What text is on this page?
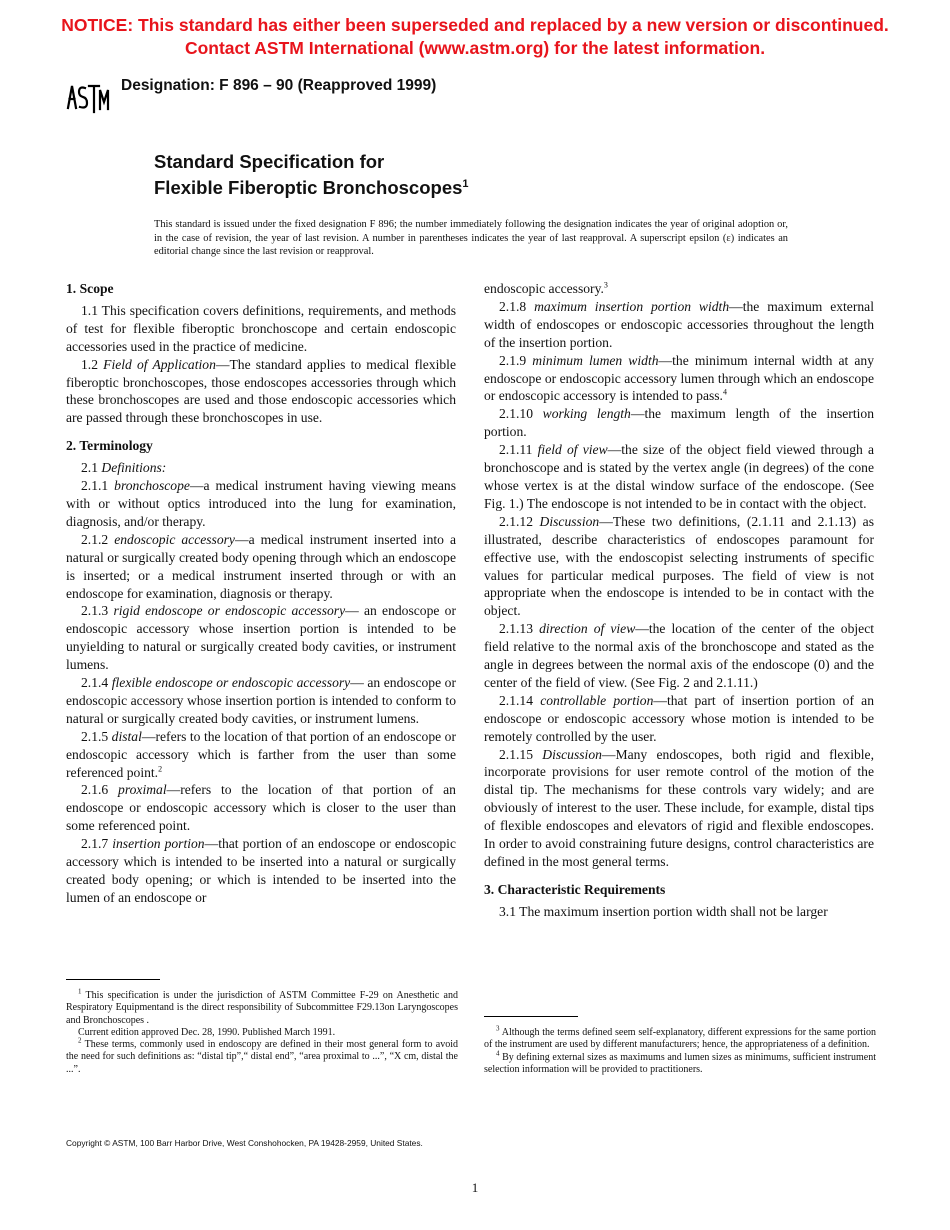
NOTICE: This standard has either been superseded and replaced by a new version or discontinued.
Contact ASTM International (www.astm.org) for the latest information.
Designation: F 896 – 90 (Reapproved 1999)
Standard Specification for
Flexible Fiberoptic Bronchoscopes$^1$
This standard is issued under the fixed designation F 896; the number immediately following the designation indicates the year of original adoption or, in the case of revision, the year of last revision. A number in parentheses indicates the year of last reapproval. A superscript epsilon (ε) indicates an editorial change since the last revision or reapproval.
1. Scope

1.1 This specification covers definitions, requirements, and methods of test for flexible fiberoptic bronchoscope and certain endoscopic accessories used in the practice of medicine.

1.2 Field of Application—The standard applies to medical flexible fiberoptic bronchoscopes, those endoscopes accessories through which these bronchoscopes are used and those endoscopic accessories which are passed through these bronchoscopes in use.

2. Terminology

2.1 Definitions:

2.1.1 bronchoscope—a medical instrument having viewing means with or without optics introduced into the lung for examination, diagnosis, and/or therapy.

2.1.2 endoscopic accessory—a medical instrument inserted into a natural or surgically created body opening through which an endoscope is inserted; or a medical instrument inserted through or with an endoscope for examination, diagnosis or therapy.

2.1.3 rigid endoscope or endoscopic accessory— an endoscope or endoscopic accessory whose insertion portion is intended to be unyielding to natural or surgically created body cavities, or instrument lumens.

2.1.4 flexible endoscope or endoscopic accessory— an endoscope or endoscopic accessory whose insertion portion is intended to conform to natural or surgically created body cavities, or instrument lumens.

2.1.5 distal—refers to the location of that portion of an endoscope or endoscopic accessory which is farther from the user than some referenced point.$^2$

2.1.6 proximal—refers to the location of that portion of an endoscope or endoscopic accessory which is closer to the user than some referenced point.

2.1.7 insertion portion—that portion of an endoscope or endoscopic accessory which is intended to be inserted into a natural or surgically created body opening; or which is intended to be inserted into the lumen of an endoscope or

endoscopic accessory.$^3$

2.1.8 maximum insertion portion width—the maximum external width of endoscopes or endoscopic accessories throughout the length of the insertion portion.

2.1.9 minimum lumen width—the minimum internal width at any endoscope or endoscopic accessory lumen through which an endoscope or endoscopic accessory is intended to pass.$^4$

2.1.10 working length—the maximum length of the insertion portion.

2.1.11 field of view—the size of the object field viewed through a bronchoscope and is stated by the vertex angle (in degrees) of the cone whose vertex is at the distal window surface of the endoscope. (See Fig. 1.) The endoscope is not intended to be in contact with the object.

2.1.12 Discussion—These two definitions, (2.1.11 and 2.1.13) as illustrated, describe characteristics of endoscopes paramount for effective use, with the endoscopist selecting instruments of specific values for particular medical purposes. The field of view is not appropriate when the endoscope is intended to be in contact with the object.

2.1.13 direction of view—the location of the center of the object field relative to the normal axis of the bronchoscope and stated as the angle in degrees between the normal axis of the endoscope (0) and the center of the field of view. (See Fig. 2 and 2.1.11.)

2.1.14 controllable portion—that part of insertion portion of an endoscope or endoscopic accessory whose motion is intended to be remotely controlled by the user.

2.1.15 Discussion—Many endoscopes, both rigid and flexible, incorporate provisions for user remote control of the motion of the distal tip. The mechanisms for these controls vary widely; and are obviously of interest to the user. These include, for example, distal tips of flexible endoscopes and elevators of rigid and flexible endoscopes. In order to avoid constraining future designs, control characteristics are defined in the most general terms.

3. Characteristic Requirements

3.1 The maximum insertion portion width shall not be larger

$^1$ This specification is under the jurisdiction of ASTM Committee F-29 on Anesthetic and Respiratory Equipmentand is the direct responsibility of Subcommittee F29.13on Laryngoscopes and Bronchoscopes .

Current edition approved Dec. 28, 1990. Published March 1991.

$^2$ These terms, commonly used in endoscopy are defined in their most general form to avoid the need for such definitions as: “distal tip”,“ distal end”, “area proximal to ...”, “X cm, distal the ...”.

$^3$ Although the terms defined seem self-explanatory, different expressions for the same portion of the instrument are used by different manufacturers; hence, the appropriateness of a definition.

$^4$ By defining external sizes as maximums and lumen sizes as minimums, sufficient instrument selection information will be provided to practitioners.

Copyright © ASTM, 100 Barr Harbor Drive, West Conshohocken, PA 19428-2959, United States.
1
